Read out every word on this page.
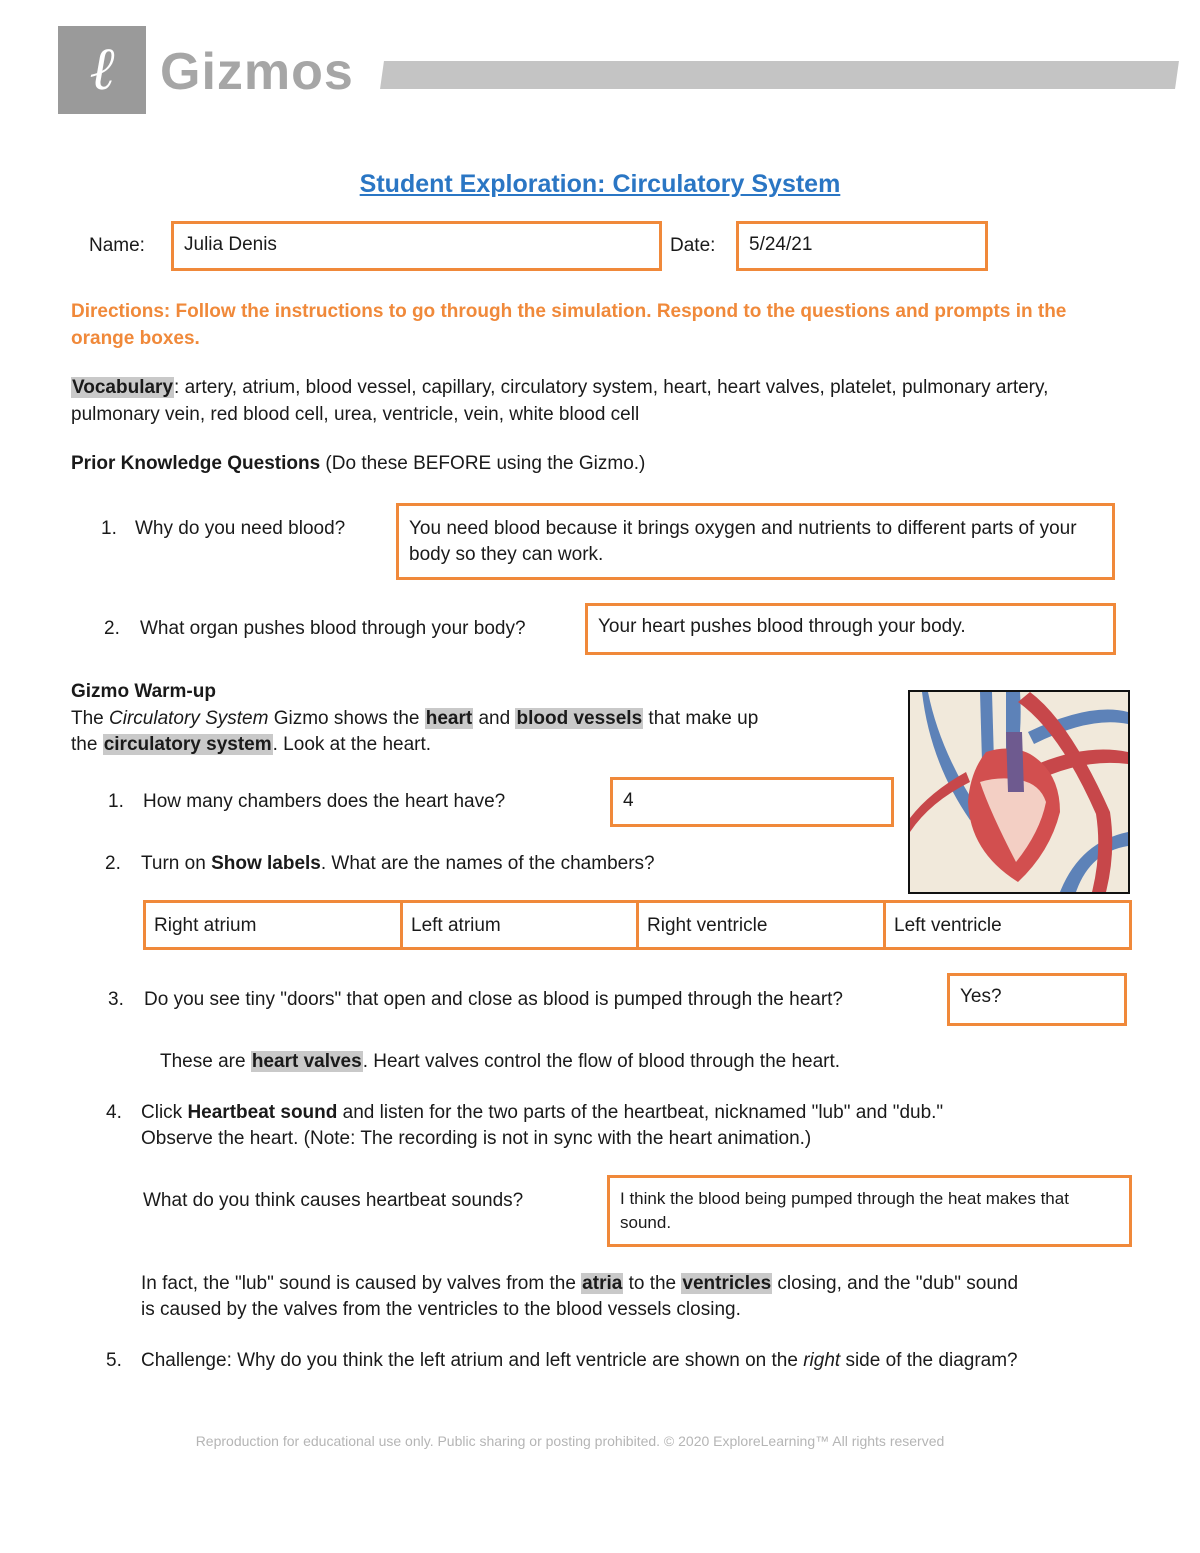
ℓ Gizmos
Student Exploration: Circulatory System
Name:	Julia Denis	Date:	5/24/21
Directions: Follow the instructions to go through the simulation. Respond to the questions and prompts in the orange boxes.
Vocabulary: artery, atrium, blood vessel, capillary, circulatory system, heart, heart valves, platelet, pulmonary artery, pulmonary vein, red blood cell, urea, ventricle, vein, white blood cell
Prior Knowledge Questions (Do these BEFORE using the Gizmo.)
1. Why do you need blood?	You need blood because it brings oxygen and nutrients to different parts of your body so they can work.
2. What organ pushes blood through your body?	Your heart pushes blood through your body.
Gizmo Warm-up
The Circulatory System Gizmo shows the heart and blood vessels that make up
the circulatory system. Look at the heart.
1. How many chambers does the heart have?	4
2. Turn on Show labels. What are the names of the chambers?
Right atrium	Left atrium	Right ventricle	Left ventricle
3. Do you see tiny "doors" that open and close as blood is pumped through the heart?	Yes?
These are heart valves. Heart valves control the flow of blood through the heart.
4. Click Heartbeat sound and listen for the two parts of the heartbeat, nicknamed "lub" and "dub."
Observe the heart. (Note: The recording is not in sync with the heart animation.)
What do you think causes heartbeat sounds?	I think the blood being pumped through the heat makes that sound.
In fact, the "lub" sound is caused by valves from the atria to the ventricles closing, and the "dub" sound
is caused by the valves from the ventricles to the blood vessels closing.
5. Challenge: Why do you think the left atrium and left ventricle are shown on the right side of the diagram?
Reproduction for educational use only. Public sharing or posting prohibited. © 2020 ExploreLearning™ All rights reserved
